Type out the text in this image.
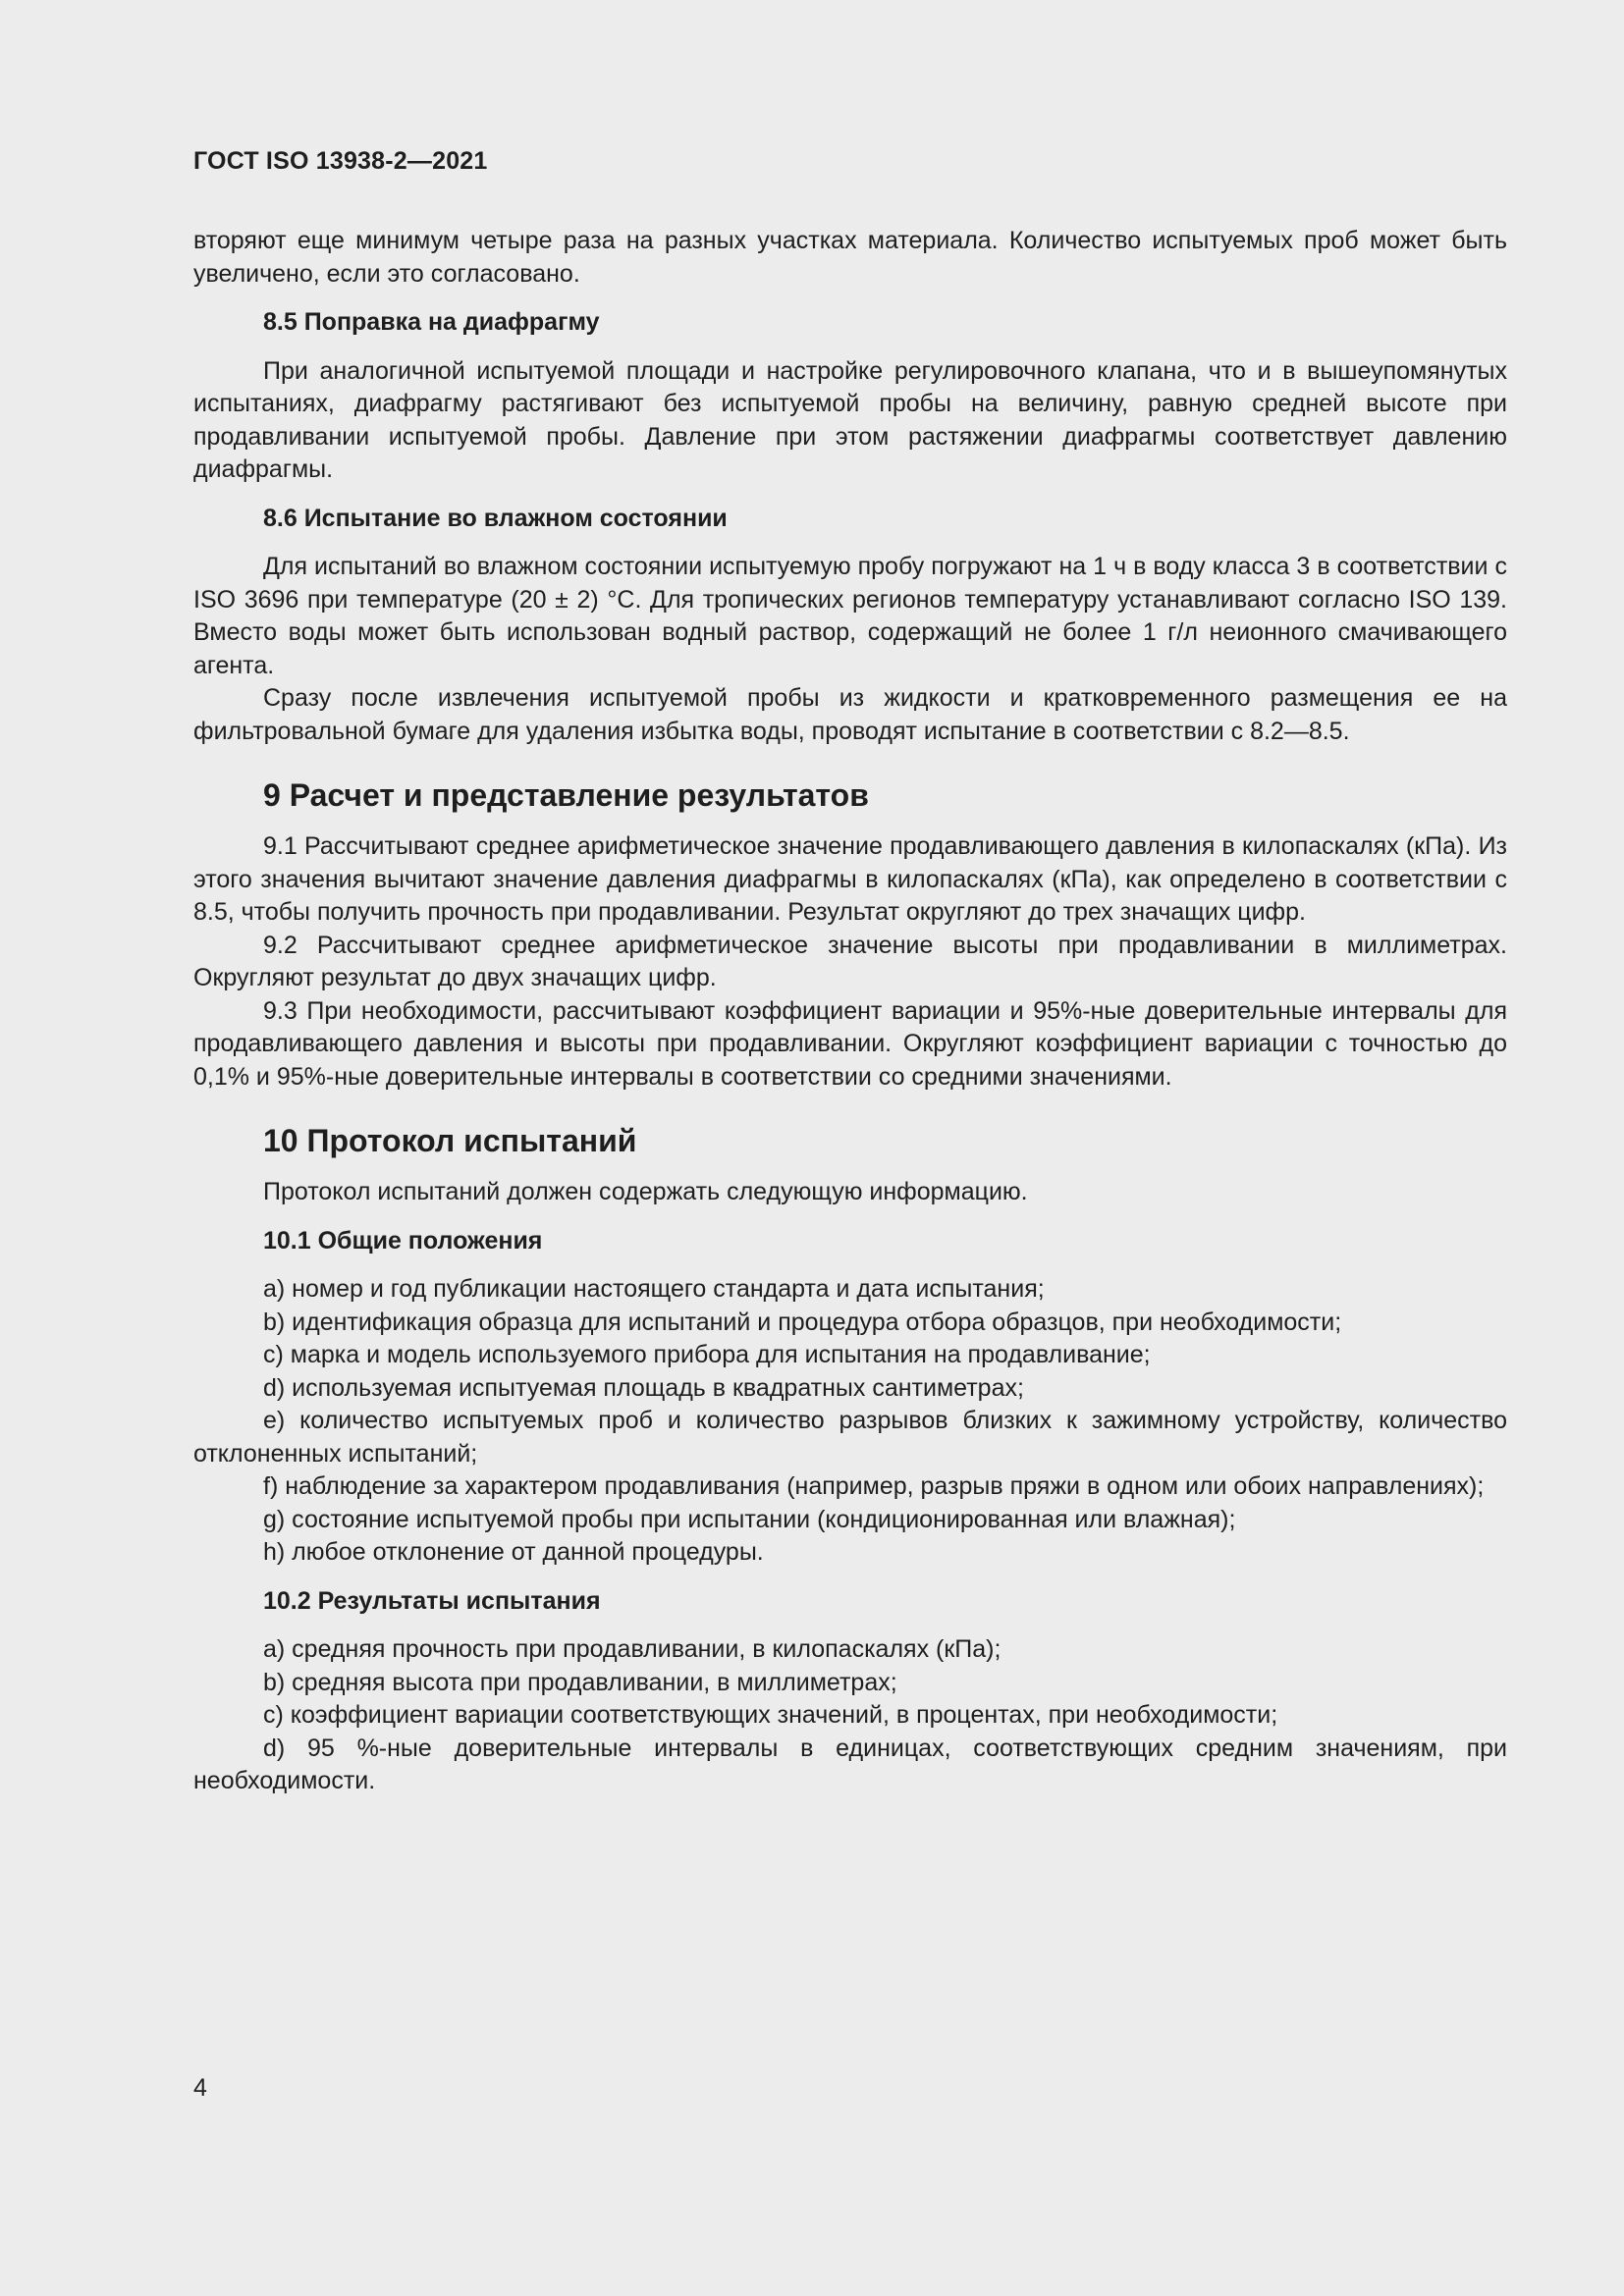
ГОСТ ISO 13938-2—2021

вторяют еще минимум четыре раза на разных участках материала. Количество испытуемых проб может быть увеличено, если это согласовано.

8.5 Поправка на диафрагму

При аналогичной испытуемой площади и настройке регулировочного клапана, что и в вышеупомянутых испытаниях, диафрагму растягивают без испытуемой пробы на величину, равную средней высоте при продавливании испытуемой пробы. Давление при этом растяжении диафрагмы соответствует давлению диафрагмы.

8.6 Испытание во влажном состоянии

Для испытаний во влажном состоянии испытуемую пробу погружают на 1 ч в воду класса 3 в соответствии с ISO 3696 при температуре (20 ± 2) °С. Для тропических регионов температуру устанавливают согласно ISO 139. Вместо воды может быть использован водный раствор, содержащий не более 1 г/л неионного смачивающего агента.

Сразу после извлечения испытуемой пробы из жидкости и кратковременного размещения ее на фильтровальной бумаге для удаления избытка воды, проводят испытание в соответствии с 8.2—8.5.

9 Расчет и представление результатов

9.1 Рассчитывают среднее арифметическое значение продавливающего давления в килопаскалях (кПа). Из этого значения вычитают значение давления диафрагмы в килопаскалях (кПа), как определено в соответствии с 8.5, чтобы получить прочность при продавливании. Результат округляют до трех значащих цифр.

9.2 Рассчитывают среднее арифметическое значение высоты при продавливании в миллиметрах. Округляют результат до двух значащих цифр.

9.3 При необходимости, рассчитывают коэффициент вариации и 95%-ные доверительные интервалы для продавливающего давления и высоты при продавливании. Округляют коэффициент вариации с точностью до 0,1% и 95%-ные доверительные интервалы в соответствии со средними значениями.

10 Протокол испытаний

Протокол испытаний должен содержать следующую информацию.

10.1 Общие положения

а) номер и год публикации настоящего стандарта и дата испытания;

b) идентификация образца для испытаний и процедура отбора образцов, при необходимости;

с) марка и модель используемого прибора для испытания на продавливание;

d) используемая испытуемая площадь в квадратных сантиметрах;

е) количество испытуемых проб и количество разрывов близких к зажимному устройству, количество отклоненных испытаний;

f) наблюдение за характером продавливания (например, разрыв пряжи в одном или обоих направлениях);

g) состояние испытуемой пробы при испытании (кондиционированная или влажная);

h) любое отклонение от данной процедуры.

10.2 Результаты испытания

а) средняя прочность при продавливании, в килопаскалях (кПа);

b) средняя высота при продавливании, в миллиметрах;

с) коэффициент вариации соответствующих значений, в процентах, при необходимости;

d) 95 %-ные доверительные интервалы в единицах, соответствующих средним значениям, при необходимости.

4
